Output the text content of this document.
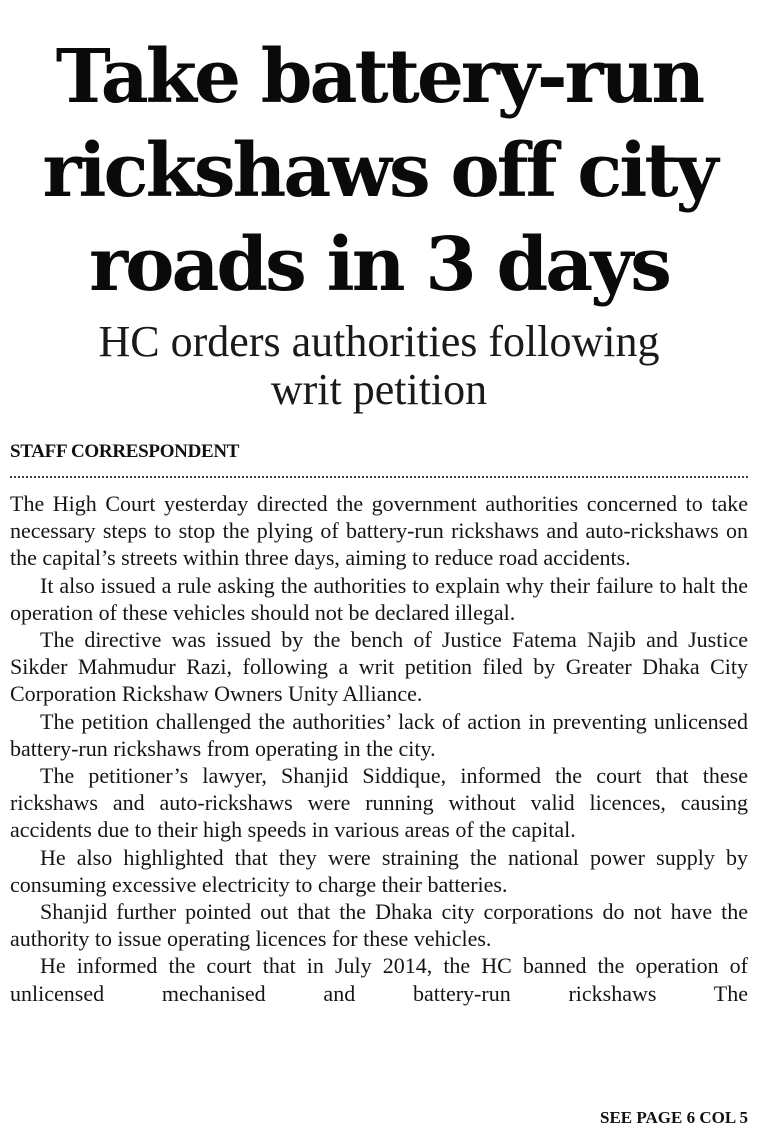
Take battery-run
rickshaws off city
roads in 3 days
HC orders authorities following
writ petition
STAFF CORRESPONDENT

The High Court yesterday directed the government authorities concerned to take necessary steps to stop the plying of battery-run rickshaws and auto-rickshaws on the capital’s streets within three days, aiming to reduce road accidents.

It also issued a rule asking the authorities to explain why their failure to halt the operation of these vehicles should not be declared illegal.

The directive was issued by the bench of Justice Fatema Najib and Justice Sikder Mahmudur Razi, following a writ petition filed by Greater Dhaka City Corporation Rickshaw Owners Unity Alliance.

The petition challenged the authorities’ lack of action in preventing unlicensed battery-run rickshaws from operating in the city.

The petitioner’s lawyer, Shanjid Siddique, informed the court that these rickshaws and auto-rickshaws were running without valid licences, causing accidents due to their high speeds in various areas of the capital.

He also highlighted that they were straining the national power supply by consuming excessive electricity to charge their batteries.

Shanjid further pointed out that the Dhaka city corporations do not have the authority to issue operating licences for these vehicles.

He informed the court that in July 2014, the HC banned the operation of unlicensed mechanised and battery-run rickshaws The

SEE PAGE 6 COL 5
